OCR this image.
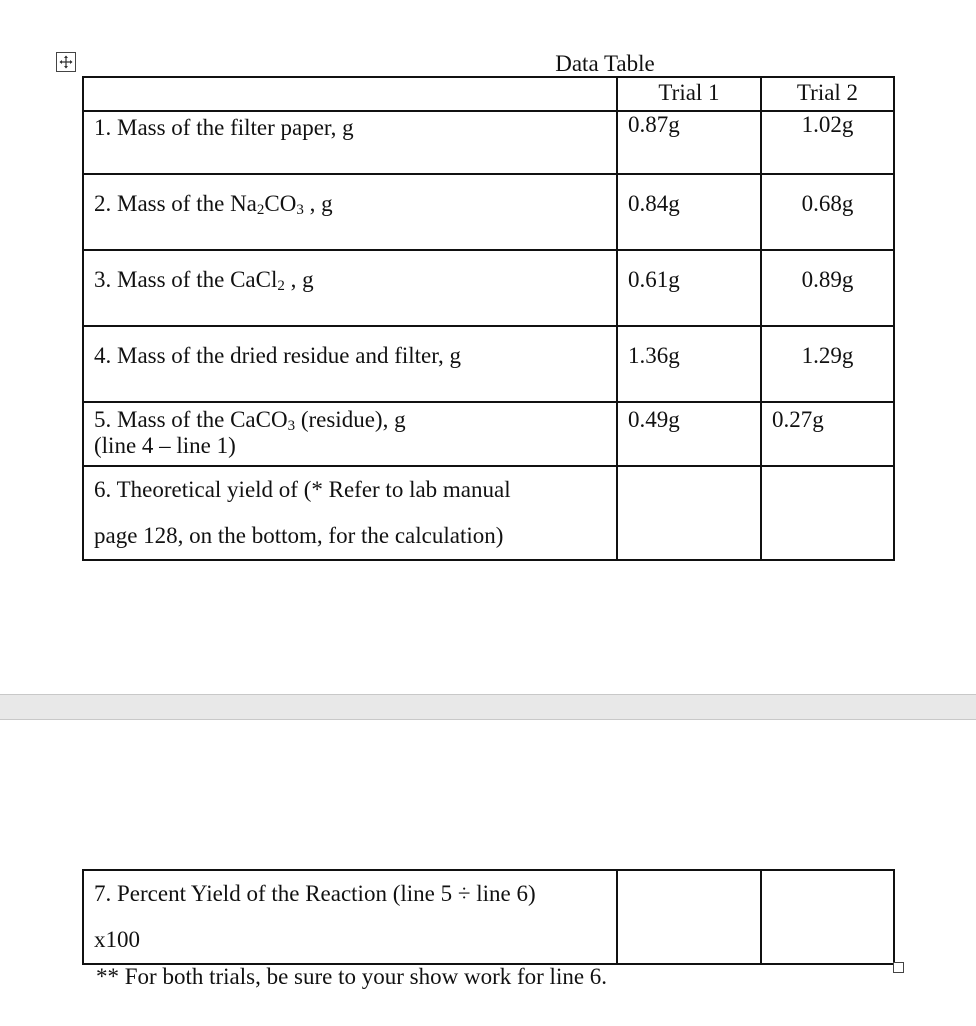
Data Table
	Trial 1	Trial 2
1. Mass of the filter paper, g	0.87g	1.02g
2. Mass of the $Na_2CO_3$ , g	0.84g	0.68g
3. Mass of the CaCl$_2$ , g	0.61g	0.89g
4. Mass of the dried residue and filter, g	1.36g	1.29g
5. Mass of the CaCO$_3$ (residue), g
(line 4 – line 1)	0.49g	0.27g
6. Theoretical yield of (* Refer to lab manual
page 128, on the bottom, for the calculation)		
7. Percent Yield of the Reaction (line 5 ÷ line 6)
x100		
** For both trials, be sure to your show work for line 6.
